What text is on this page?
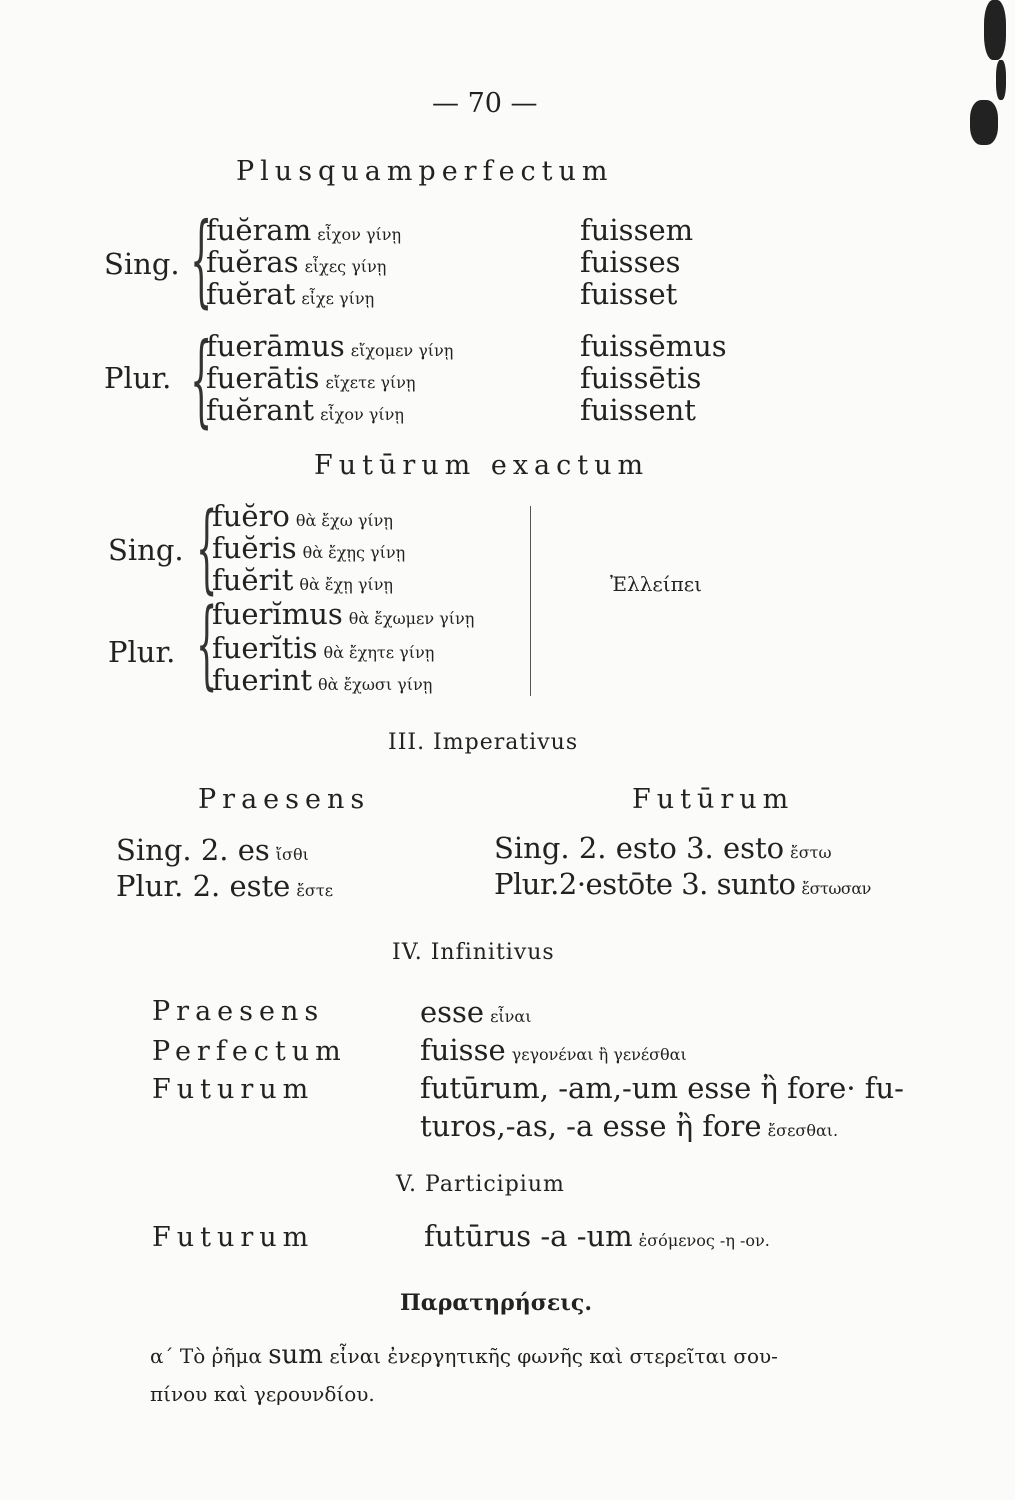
— 70 —
Plusquamperfectum
Sing.
Plur.
{
{
fuĕram εἶχον γίνῃ
fuĕras εἶχες γίνῃ
fuĕrat εἶχε γίνῃ
fuerāmus εἴχομεν γίνῃ
fuerātis εἴχετε γίνῃ
fuĕrant εἶχον γίνῃ
fuissem
fuisses
fuisset
fuissēmus
fuissētis
fuissent
Futūrum exactum
Sing.
Plur.
{
{
fuĕro θὰ ἔχω γίνῃ
fuĕris θὰ ἔχῃς γίνῃ
fuĕrit θὰ ἔχῃ γίνῃ
fuerĭmus θὰ ἔχωμεν γίνῃ
fuerĭtis θὰ ἔχητε γίνῃ
fuerint θὰ ἔχωσι γίνῃ
Ἐλλείπει
III. Imperativus
Praesens	Futūrum
Sing. 2. es ἴσθι
Plur. 2. este ἔστε
Sing. 2. esto 3. esto ἔστω
Plur.2·estōte 3. sunto ἔστωσαν
IV. Infinitivus
Praesens
Perfectum
Futurum
esse εἶναι
fuisse γεγονέναι ἢ γενέσθαι
futūrum, -am,-um esse ἢ fore· fu-
turos,-as, -a esse ἢ fore ἔσεσθαι.
V. Participium
Futurum	futūrus -a -um ἐσόμενος -η -ον.
Παρατηρήσεις.
α΄ Τὸ ῥῆμα sum εἶναι ἐνεργητικῆς φωνῆς καὶ στερεῖται σου-
πίνου καὶ γερουνδίου.
